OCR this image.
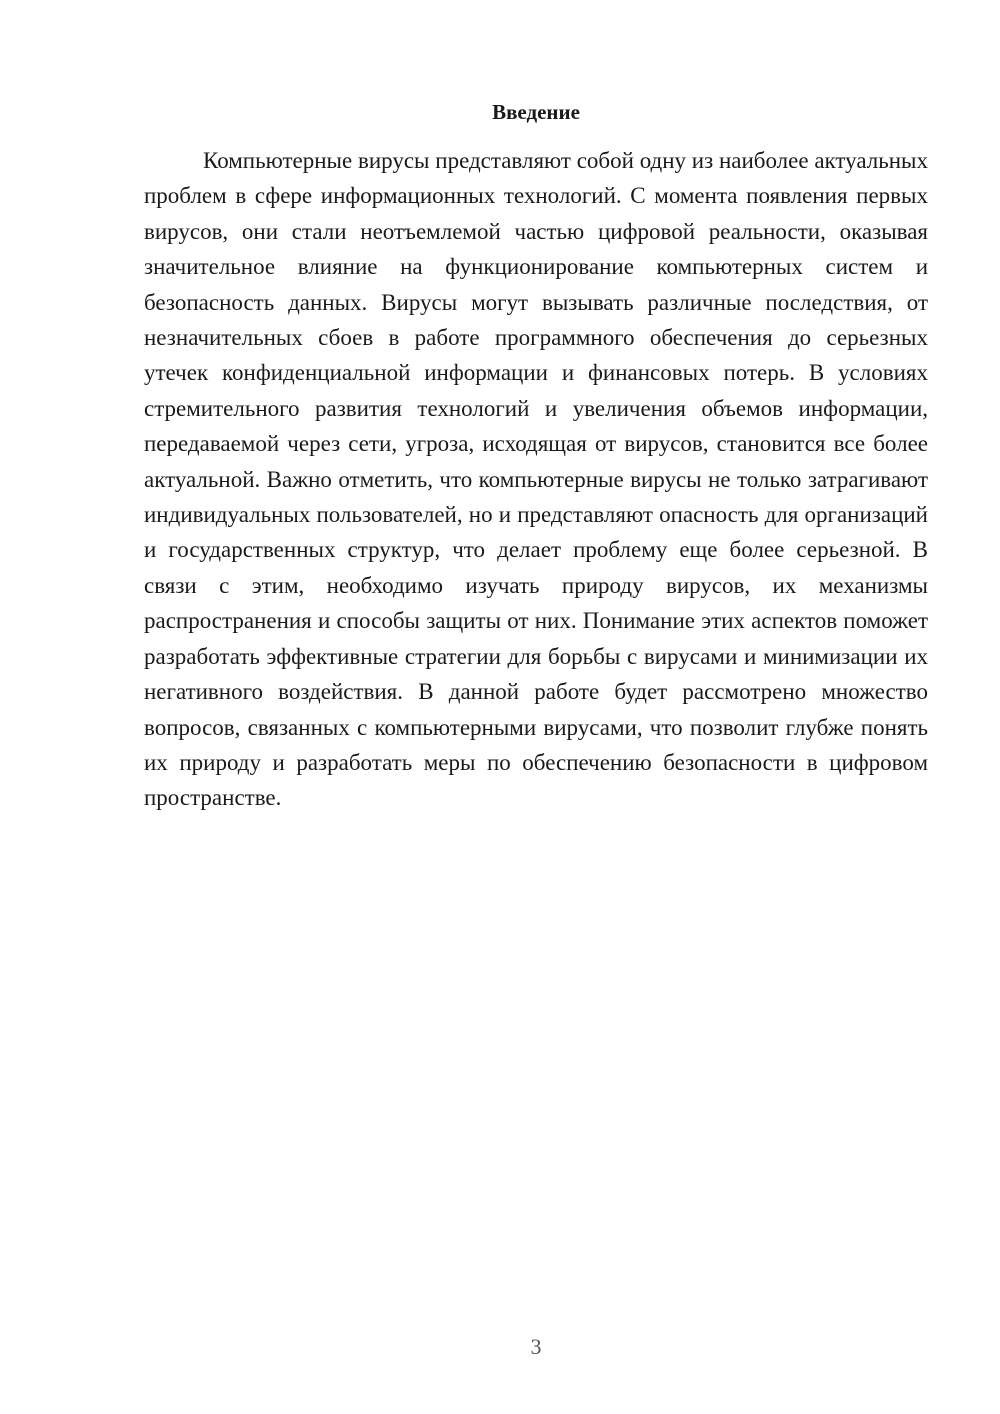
Введение

Компьютерные вирусы представляют собой одну из наиболее актуальных проблем в сфере информационных технологий. С момента появления первых вирусов, они стали неотъемлемой частью цифровой реальности, оказывая значительное влияние на функционирование компьютерных систем и безопасность данных. Вирусы могут вызывать различные последствия, от незначительных сбоев в работе программного обеспечения до серьезных утечек конфиденциальной информации и финансовых потерь. В условиях стремительного развития технологий и увеличения объемов информации, передаваемой через сети, угроза, исходящая от вирусов, становится все более актуальной. Важно отметить, что компьютерные вирусы не только затрагивают индивидуальных пользователей, но и представляют опасность для организаций и государственных структур, что делает проблему еще более серьезной. В связи с этим, необходимо изучать природу вирусов, их механизмы распространения и способы защиты от них. Понимание этих аспектов поможет разработать эффективные стратегии для борьбы с вирусами и минимизации их негативного воздействия. В данной работе будет рассмотрено множество вопросов, связанных с компьютерными вирусами, что позволит глубже понять их природу и разработать меры по обеспечению безопасности в цифровом пространстве.

3
